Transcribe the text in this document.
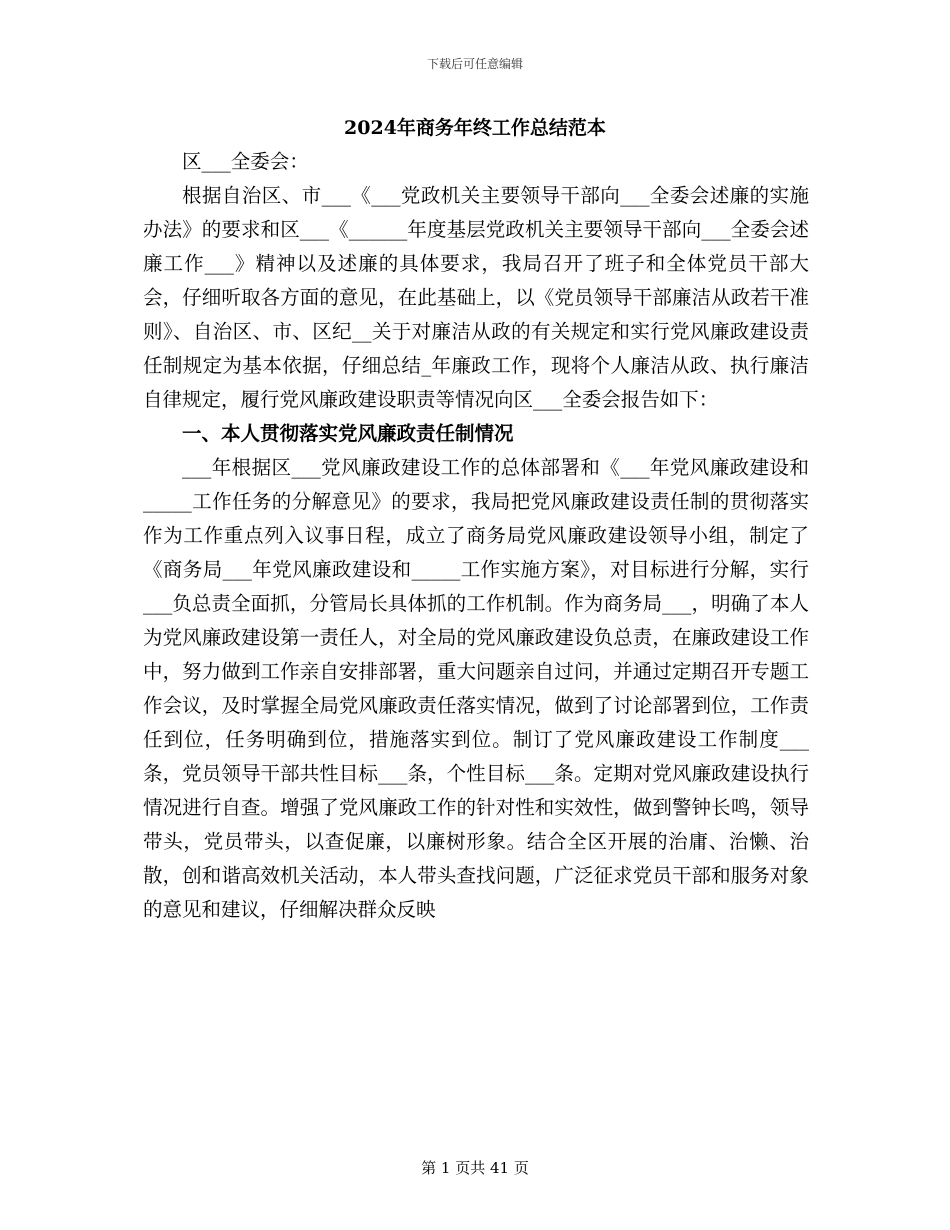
下载后可任意编辑
2024年商务年终工作总结范本

区___全委会：

根据自治区、市___《___党政机关主要领导干部向___全委会述廉的实施办法》的要求和区___《______年度基层党政机关主要领导干部向___全委会述廉工作___》精神以及述廉的具体要求，我局召开了班子和全体党员干部大会，仔细听取各方面的意见，在此基础上，以《党员领导干部廉洁从政若干准则》、自治区、市、区纪__关于对廉洁从政的有关规定和实行党风廉政建设责任制规定为基本依据，仔细总结_年廉政工作，现将个人廉洁从政、执行廉洁自律规定，履行党风廉政建设职责等情况向区___全委会报告如下：

一、本人贯彻落实党风廉政责任制情况

___年根据区___党风廉政建设工作的总体部署和《___年党风廉政建设和_____工作任务的分解意见》的要求，我局把党风廉政建设责任制的贯彻落实作为工作重点列入议事日程，成立了商务局党风廉政建设领导小组，制定了《商务局___年党风廉政建设和_____工作实施方案》，对目标进行分解，实行___负总责全面抓，分管局长具体抓的工作机制。作为商务局___，明确了本人为党风廉政建设第一责任人，对全局的党风廉政建设负总责，在廉政建设工作中，努力做到工作亲自安排部署，重大问题亲自过问，并通过定期召开专题工作会议，及时掌握全局党风廉政责任落实情况，做到了讨论部署到位，工作责任到位，任务明确到位，措施落实到位。制订了党风廉政建设工作制度___条，党员领导干部共性目标___条，个性目标___条。定期对党风廉政建设执行情况进行自查。增强了党风廉政工作的针对性和实效性，做到警钟长鸣，领导带头，党员带头，以查促廉，以廉树形象。结合全区开展的治庸、治懒、治散，创和谐高效机关活动，本人带头查找问题，广泛征求党员干部和服务对象的意见和建议，仔细解决群众反映

第 1 页共 41 页
